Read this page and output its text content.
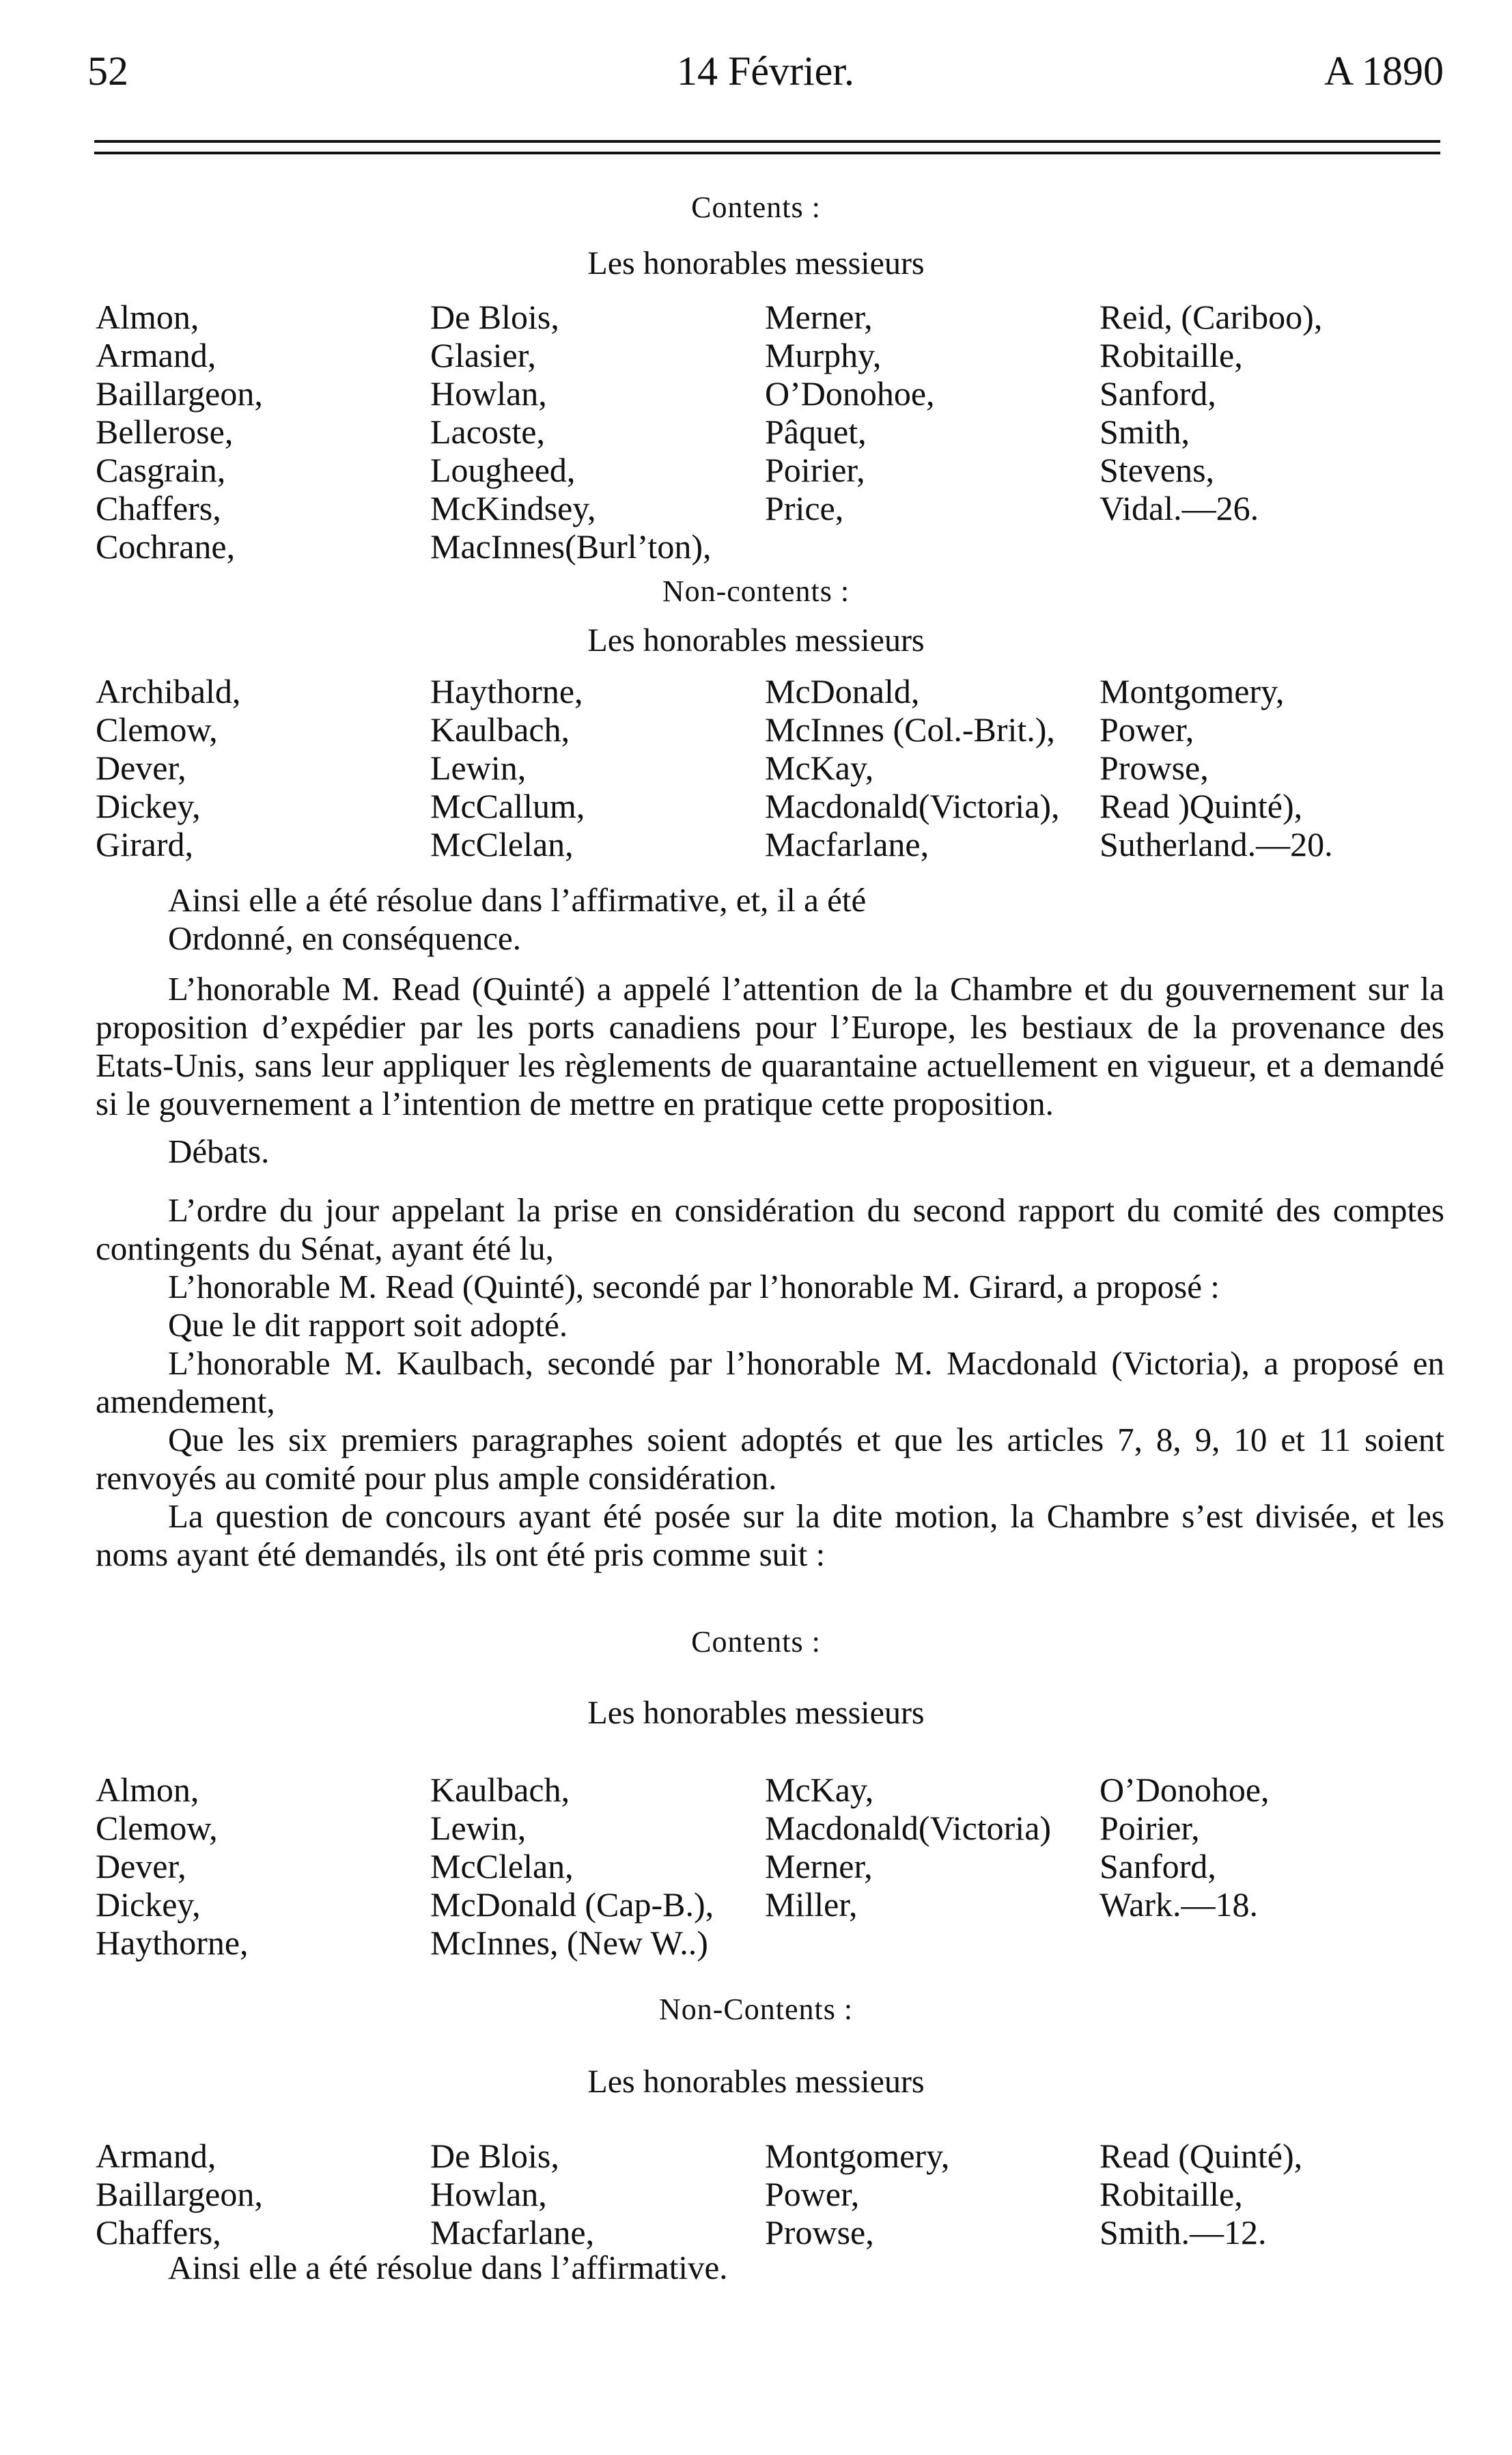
52	14 Février.	A 1890
Contents :
Les honorables messieurs
Almon,
Armand,
Baillargeon,
Bellerose,
Casgrain,
Chaffers,
Cochrane,
De Blois,
Glasier,
Howlan,
Lacoste,
Lougheed,
McKindsey,
MacInnes(Burl’ton),
Merner,
Murphy,
O’Donohoe,
Pâquet,
Poirier,
Price,
Reid, (Cariboo),
Robitaille,
Sanford,
Smith,
Stevens,
Vidal.—26.
Non-contents :
Les honorables messieurs
Archibald,
Clemow,
Dever,
Dickey,
Girard,
Haythorne,
Kaulbach,
Lewin,
McCallum,
McClelan,
McDonald,
McInnes (Col.-Brit.),
McKay,
Macdonald(Victoria),
Macfarlane,
Montgomery,
Power,
Prowse,
Read )Quinté),
Sutherland.—20.

Ainsi elle a été résolue dans l’affirmative, et, il a été

Ordonné, en conséquence.

L’honorable M. Read (Quinté) a appelé l’attention de la Chambre et du gouvernement sur la proposition d’expédier par les ports canadiens pour l’Europe, les bestiaux de la provenance des Etats-Unis, sans leur appliquer les règlements de quarantaine actuellement en vigueur, et a demandé si le gouvernement a l’intention de mettre en pratique cette proposition.

Débats.

L’ordre du jour appelant la prise en considération du second rapport du comité des comptes contingents du Sénat, ayant été lu,

L’honorable M. Read (Quinté), secondé par l’honorable M. Girard, a proposé :

Que le dit rapport soit adopté.

L’honorable M. Kaulbach, secondé par l’honorable M. Macdonald (Victoria), a proposé en amendement,

Que les six premiers paragraphes soient adoptés et que les articles 7, 8, 9, 10 et 11 soient renvoyés au comité pour plus ample considération.

La question de concours ayant été posée sur la dite motion, la Chambre s’est divisée, et les noms ayant été demandés, ils ont été pris comme suit :

Contents :
Les honorables messieurs
Almon,
Clemow,
Dever,
Dickey,
Haythorne,
Kaulbach,
Lewin,
McClelan,
McDonald (Cap-B.),
McInnes, (New W..)
McKay,
Macdonald(Victoria)
Merner,
Miller,
O’Donohoe,
Poirier,
Sanford,
Wark.—18.
Non-Contents :
Les honorables messieurs
Armand,
Baillargeon,
Chaffers,
De Blois,
Howlan,
Macfarlane,
Montgomery,
Power,
Prowse,
Read (Quinté),
Robitaille,
Smith.—12.

Ainsi elle a été résolue dans l’affirmative.
